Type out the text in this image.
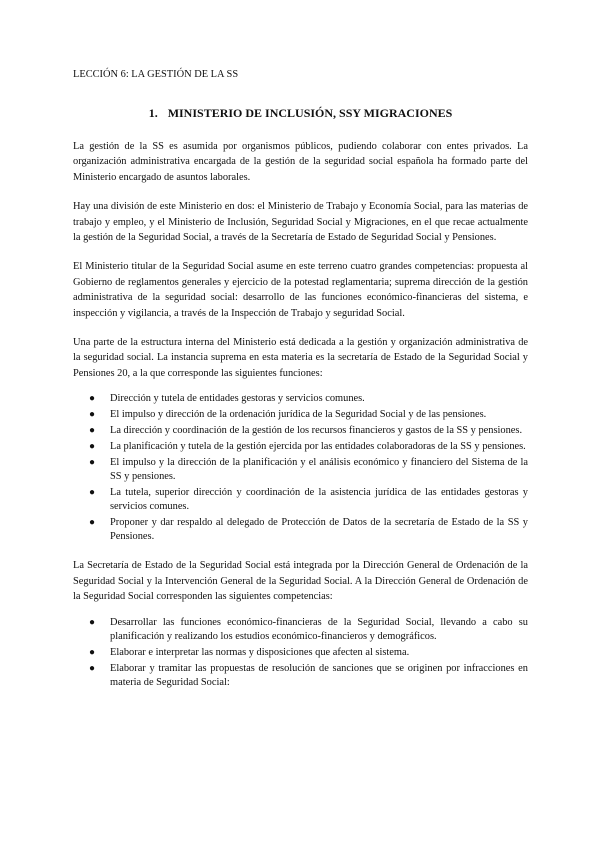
LECCIÓN 6: LA GESTIÓN DE LA SS
1. MINISTERIO DE INCLUSIÓN, SSY MIGRACIONES

La gestión de la SS es asumida por organismos públicos, pudiendo colaborar con entes privados. La organización administrativa encargada de la gestión de la seguridad social española ha formado parte del Ministerio encargado de asuntos laborales.

Hay una división de este Ministerio en dos: el Ministerio de Trabajo y Economía Social, para las materias de trabajo y empleo, y el Ministerio de Inclusión, Seguridad Social y Migraciones, en el que recae actualmente la gestión de la Seguridad Social, a través de la Secretaría de Estado de Seguridad Social y Pensiones.

El Ministerio titular de la Seguridad Social asume en este terreno cuatro grandes competencias: propuesta al Gobierno de reglamentos generales y ejercicio de la potestad reglamentaria; suprema dirección de la gestión administrativa de la seguridad social: desarrollo de las funciones económico-financieras del sistema, e inspección y vigilancia, a través de la Inspección de Trabajo y seguridad Social.

Una parte de la estructura interna del Ministerio está dedicada a la gestión y organización administrativa de la seguridad social. La instancia suprema en esta materia es la secretaría de Estado de la Seguridad Social y Pensiones 20, a la que corresponde las siguientes funciones:

● Dirección y tutela de entidades gestoras y servicios comunes.
● El impulso y dirección de la ordenación jurídica de la Seguridad Social y de las pensiones.
● La dirección y coordinación de la gestión de los recursos financieros y gastos de la SS y pensiones.
● La planificación y tutela de la gestión ejercida por las entidades colaboradoras de la SS y pensiones.
● El impulso y la dirección de la planificación y el análisis económico y financiero del Sistema de la SS y pensiones.
● La tutela, superior dirección y coordinación de la asistencia jurídica de las entidades gestoras y servicios comunes.
● Proponer y dar respaldo al delegado de Protección de Datos de la secretaría de Estado de la SS y Pensiones.

La Secretaría de Estado de la Seguridad Social está integrada por la Dirección General de Ordenación de la Seguridad Social y la Intervención General de la Seguridad Social. A la Dirección General de Ordenación de la Seguridad Social corresponden las siguientes competencias:

● Desarrollar las funciones económico-financieras de la Seguridad Social, llevando a cabo su planificación y realizando los estudios económico-financieros y demográficos.
● Elaborar e interpretar las normas y disposiciones que afecten al sistema.
● Elaborar y tramitar las propuestas de resolución de sanciones que se originen por infracciones en materia de Seguridad Social:
